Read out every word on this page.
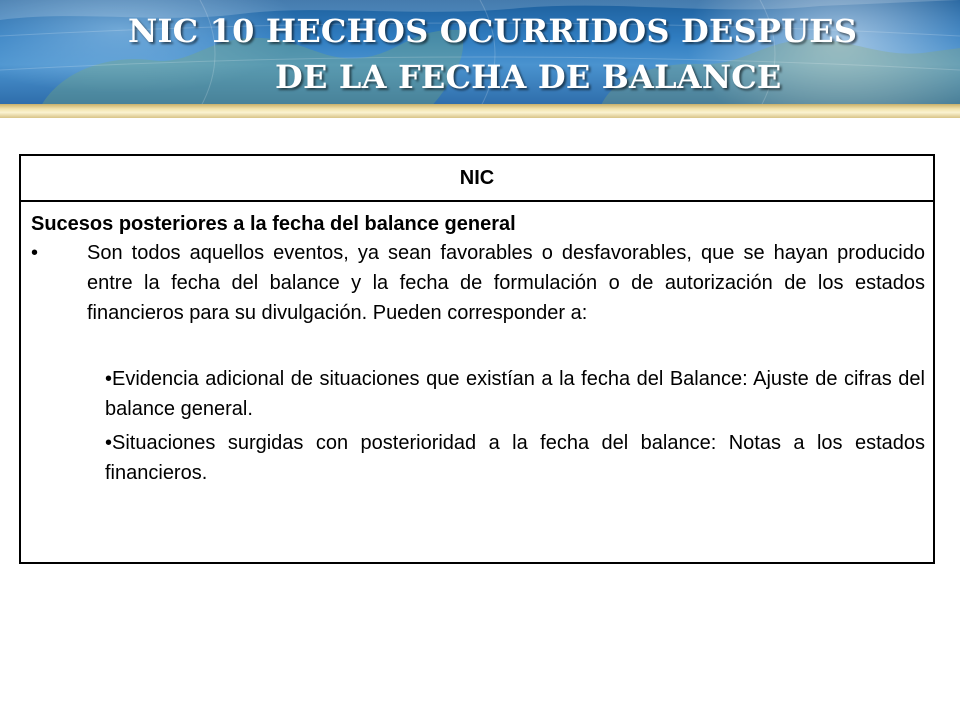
NIC 10 HECHOS OCURRIDOS DESPUES
DE LA FECHA DE BALANCE
NIC
Sucesos posteriores a la fecha del balance general
•	Son todos aquellos eventos, ya sean favorables o desfavorables, que se hayan producido entre la fecha del balance y la fecha de formulación o de autorización de los estados financieros para su divulgación. Pueden corresponder a:
•Evidencia adicional de situaciones que existían a la fecha del Balance: Ajuste de cifras del balance general.
•Situaciones surgidas con posterioridad a la fecha del balance: Notas a los estados financieros.
